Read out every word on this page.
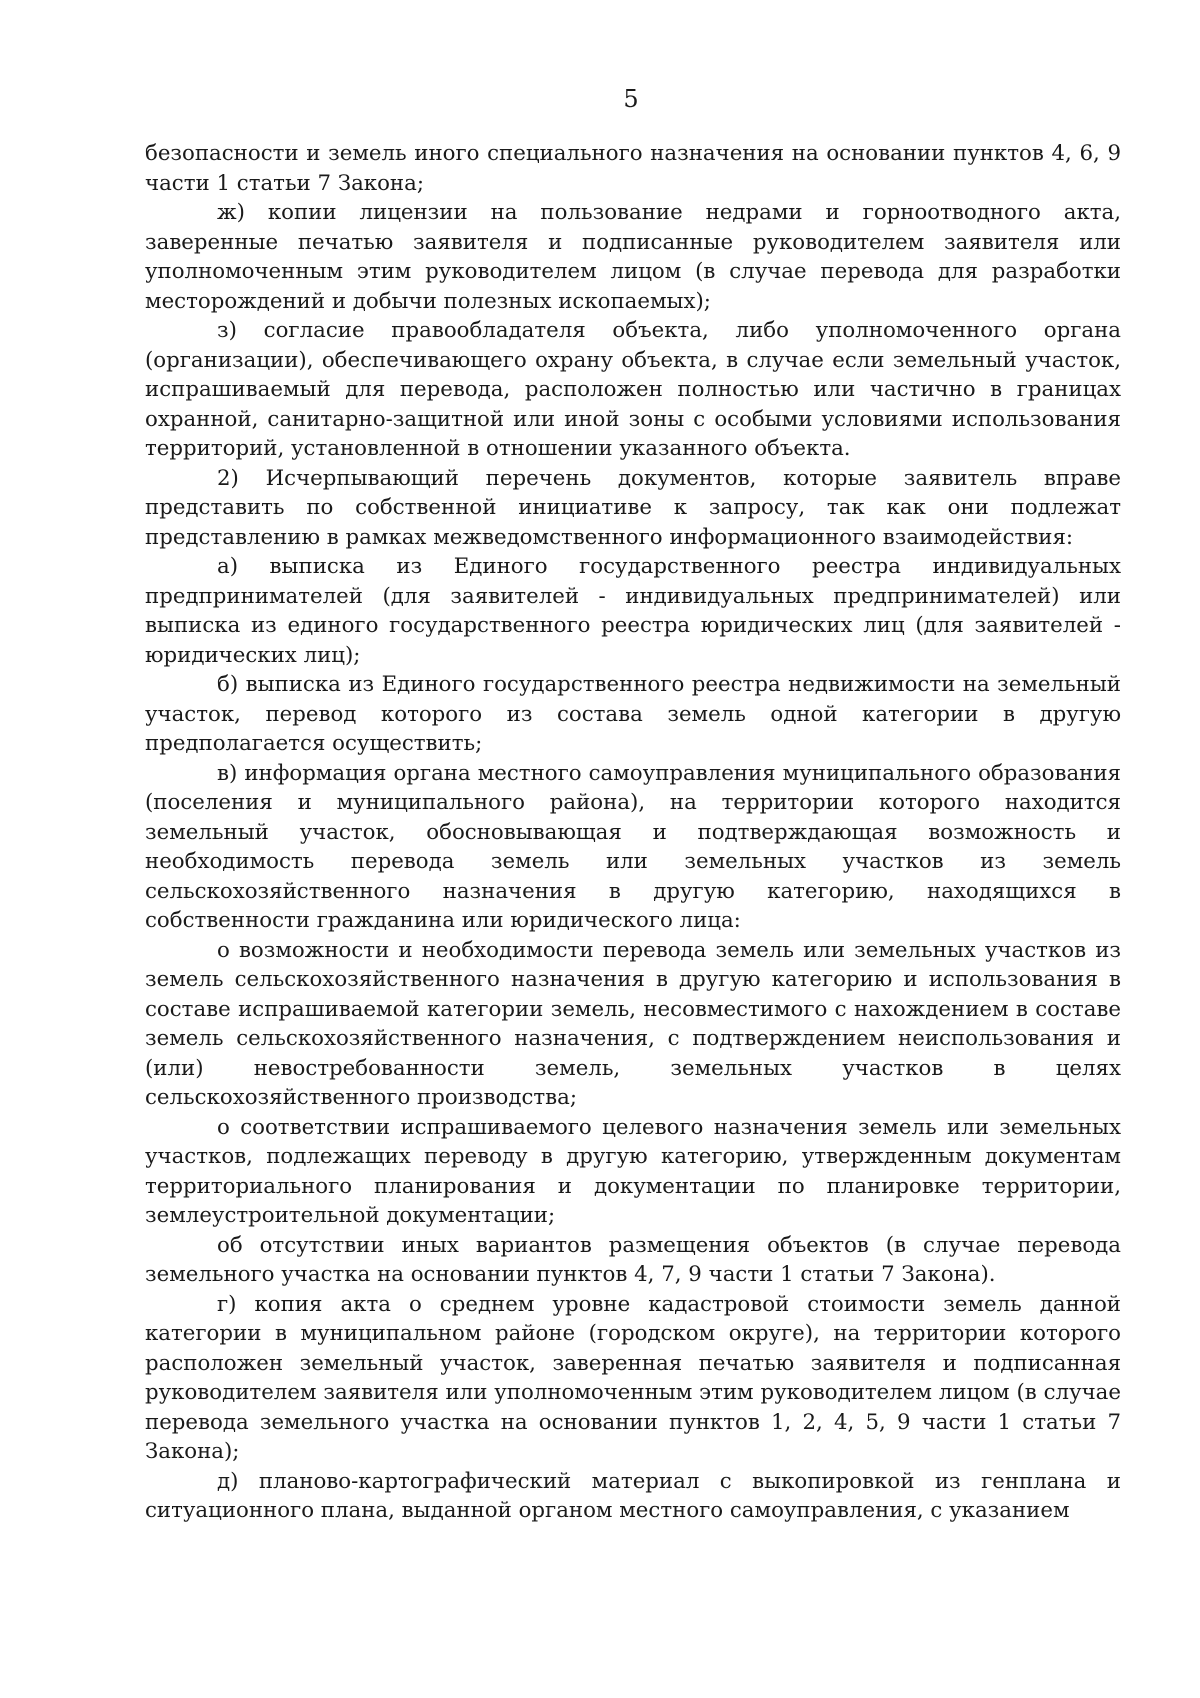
5

безопасности и земель иного специального назначения на основании пунктов 4, 6, 9 части 1 статьи 7 Закона;

ж) копии лицензии на пользование недрами и горноотводного акта, заверенные печатью заявителя и подписанные руководителем заявителя или уполномоченным этим руководителем лицом (в случае перевода для разработки месторождений и добычи полезных ископаемых);

з) согласие правообладателя объекта, либо уполномоченного органа (организации), обеспечивающего охрану объекта, в случае если земельный участок, испрашиваемый для перевода, расположен полностью или частично в границах охранной, санитарно-защитной или иной зоны с особыми условиями использования территорий, установленной в отношении указанного объекта.

2) Исчерпывающий перечень документов, которые заявитель вправе представить по собственной инициативе к запросу, так как они подлежат представлению в рамках межведомственного информационного взаимодействия:

а) выписка из Единого государственного реестра индивидуальных предпринимателей (для заявителей - индивидуальных предпринимателей) или выписка из единого государственного реестра юридических лиц (для заявителей - юридических лиц);

б) выписка из Единого государственного реестра недвижимости на земельный участок, перевод которого из состава земель одной категории в другую предполагается осуществить;

в) информация органа местного самоуправления муниципального образования (поселения и муниципального района), на территории которого находится земельный участок, обосновывающая и подтверждающая возможность и необходимость перевода земель или земельных участков из земель сельскохозяйственного назначения в другую категорию, находящихся в собственности гражданина или юридического лица:

о возможности и необходимости перевода земель или земельных участков из земель сельскохозяйственного назначения в другую категорию и использования в составе испрашиваемой категории земель, несовместимого с нахождением в составе земель сельскохозяйственного назначения, с подтверждением неиспользования и (или) невостребованности земель, земельных участков в целях сельскохозяйственного производства;

о соответствии испрашиваемого целевого назначения земель или земельных участков, подлежащих переводу в другую категорию, утвержденным документам территориального планирования и документации по планировке территории, землеустроительной документации;

об отсутствии иных вариантов размещения объектов (в случае перевода земельного участка на основании пунктов 4, 7, 9 части 1 статьи 7 Закона).

г) копия акта о среднем уровне кадастровой стоимости земель данной категории в муниципальном районе (городском округе), на территории которого расположен земельный участок, заверенная печатью заявителя и подписанная руководителем заявителя или уполномоченным этим руководителем лицом (в случае перевода земельного участка на основании пунктов 1, 2, 4, 5, 9 части 1 статьи 7 Закона);

д) планово-картографический материал с выкопировкой из генплана и ситуационного плана, выданной органом местного самоуправления, с указанием
